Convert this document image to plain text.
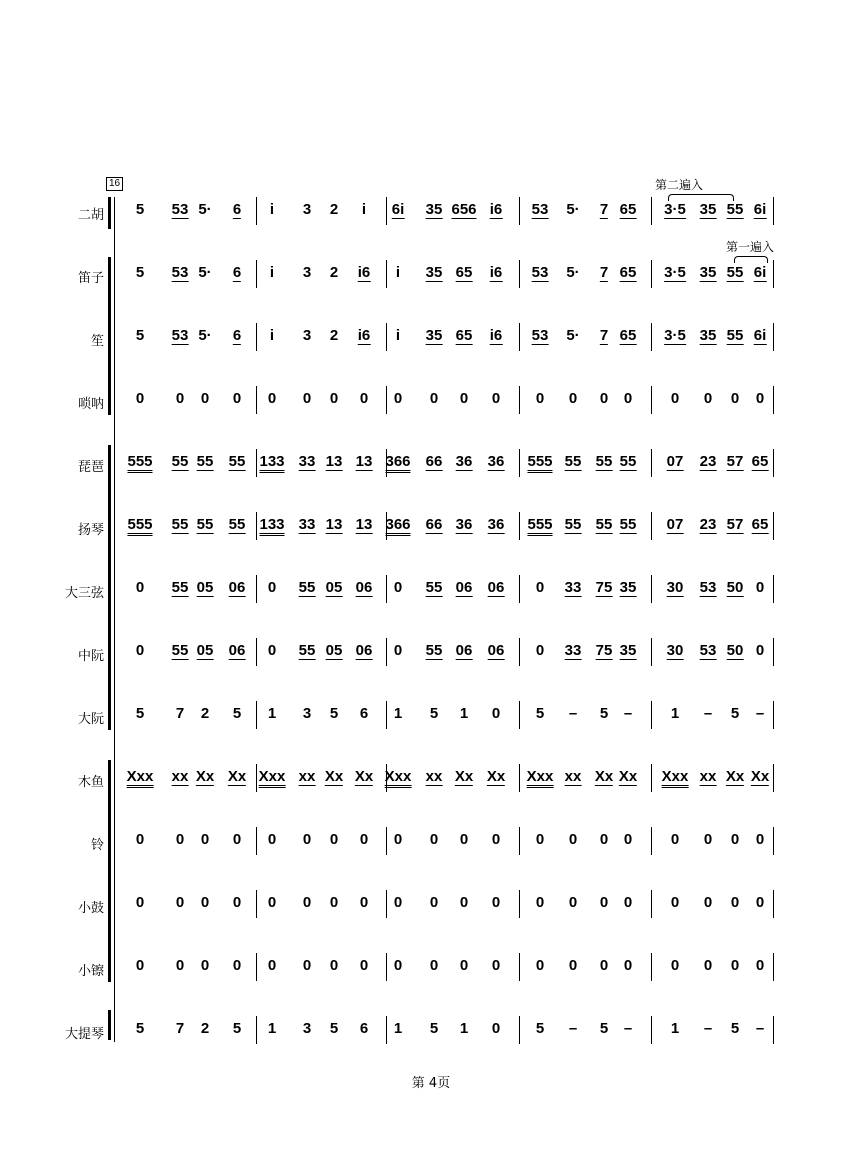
16	第二遍入
第一遍入
第 4页
二胡 5 53 5· 6 i 3 2 i 6i 35 656 i6 53 5· 7 65 3·5 35 55 6i
笛子 5 53 5· 6 i 3 2 i6 i 35 65 i6 53 5· 7 65 3·5 35 55 6i
笙 5 53 5· 6 i 3 2 i6 i 35 65 i6 53 5· 7 65 3·5 35 55 6i
唢呐 0 0 0 0 0 0 0 0 0 0 0 0 0 0 0 0	0 0 0 0
琵琶 555 55 55 55 133 33 13 13 366 66 36 36 555 55 55 55 07 23 57 65
扬琴 555 55 55 55 133 33 13 13 366 66 36 36 555 55 55 55 07 23 57 65
大三弦 0 55 05 06 0 55 05 06 0 55 06 06 0 33 75 35 30 53 50 0
中阮 0 55 05 06 0 55 05 06 0 55 06 06 0 33 75 35 30 53 50 0
大阮 5 7 2 5 1 3 5 6 1 5 1 0 5 – 5 –	1 – 5 –
木鱼 Xxx xx Xx Xx Xxx xx Xx Xx Xxx xx Xx Xx Xxx xx Xx Xx Xxx xx Xx Xx
铃 0 0 0 0 0 0 0 0 0 0 0 0 0 0 0 0	0 0 0 0
小鼓 0 0 0 0 0 0 0 0 0 0 0 0 0 0 0 0	0 0 0 0
小镲 0 0 0 0 0 0 0 0 0 0 0 0 0 0 0 0	0 0 0 0
大提琴 5 7 2 5 1 3 5 6 1 5 1 0 5 – 5 –	1 – 5 –
